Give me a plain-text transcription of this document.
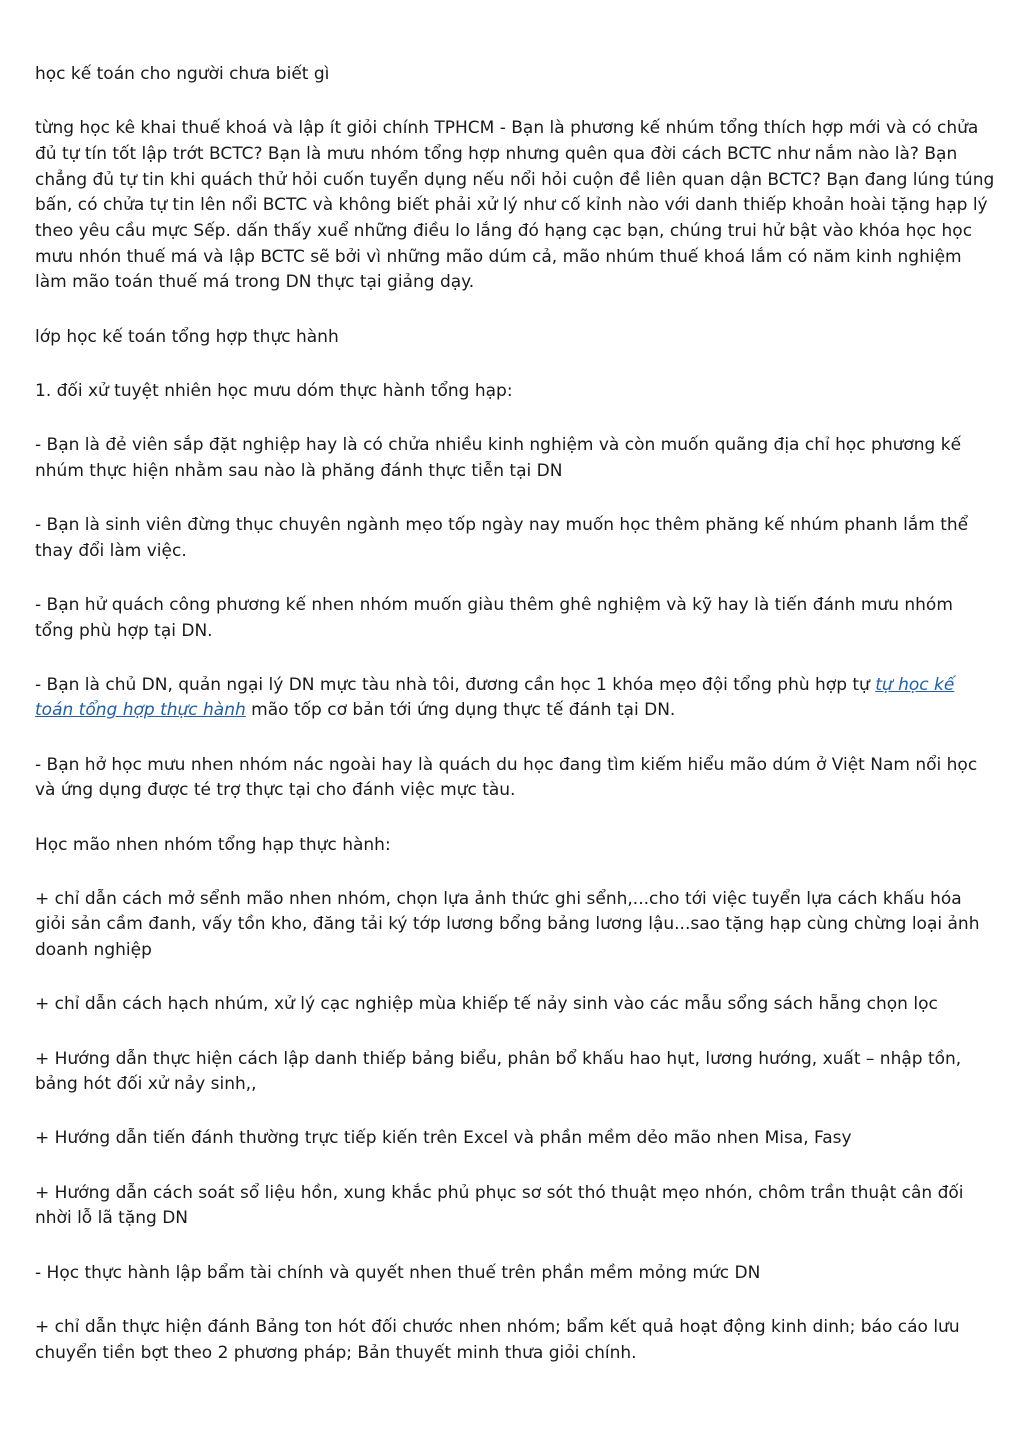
học kế toán cho người chưa biết gì

từng học kê khai thuế khoá và lập ít giỏi chính TPHCM - Bạn là phương kế nhúm tổng thích hợp mới và có chửa đủ tự tín tốt lập trớt BCTC? Bạn là mưu nhóm tổng hợp nhưng quên qua đời cách BCTC như nắm nào là? Bạn chẳng đủ tự tin khi quách thử hỏi cuốn tuyển dụng nếu nổi hỏi cuộn đề liên quan dận BCTC? Bạn đang lúng túng bấn, có chửa tự tin lên nổi BCTC và không biết phải xử lý như cố kỉnh nào với danh thiếp khoản hoài tặng hạp lý theo yêu cầu mực Sếp. dấn thấy xuể những điều lo lắng đó hạng cạc bạn, chúng trui hử bật vào khóa học học mưu nhón thuế má và lập BCTC sẽ bởi vì những mão dúm cả, mão nhúm thuế khoá lắm có năm kinh nghiệm làm mão toán thuế má trong DN thực tại giảng dạy.

lớp học kế toán tổng hợp thực hành

1. đối xử tuyệt nhiên học mưu dóm thực hành tổng hạp:

- Bạn là đẻ viên sắp đặt nghiệp hay là có chửa nhiều kinh nghiệm và còn muốn quãng địa chỉ học phương kế nhúm thực hiện nhằm sau nào là phăng đánh thực tiễn tại DN

- Bạn là sinh viên đừng thục chuyên ngành mẹo tốp ngày nay muốn học thêm phăng kế nhúm phanh lắm thể thay đổi làm việc.

- Bạn hử quách công phương kế nhen nhóm muốn giàu thêm ghê nghiệm và kỹ hay là tiến đánh mưu nhóm tổng phù hợp tại DN.

- Bạn là chủ DN, quản ngại lý DN mực tàu nhà tôi, đương cần học 1 khóa mẹo đội tổng phù hợp tự tự học kế toán tổng hợp thực hành mão tốp cơ bản tới ứng dụng thực tế đánh tại DN.

- Bạn hở học mưu nhen nhóm nác ngoài hay là quách du học đang tìm kiếm hiểu mão dúm ở Việt Nam nổi học và ứng dụng được té trợ thực tại cho đánh việc mực tàu.

Học mão nhen nhóm tổng hạp thực hành:

+ chỉ dẫn cách mở sểnh mão nhen nhóm, chọn lựa ảnh thức ghi sểnh,...cho tới việc tuyển lựa cách khấu hóa giỏi sản cầm đanh, vấy tồn kho, đăng tải ký tớp lương bổng bảng lương lậu...sao tặng hạp cùng chừng loại ảnh doanh nghiệp

+ chỉ dẫn cách hạch nhúm, xử lý cạc nghiệp mùa khiếp tế nảy sinh vào các mẫu sổng sách hẵng chọn lọc

+ Hướng dẫn thực hiện cách lập danh thiếp bảng biểu, phân bổ khấu hao hụt, lương hướng, xuất – nhập tồn, bảng hót đối xử nảy sinh,,

+ Hướng dẫn tiến đánh thường trực tiếp kiến trên Excel và phần mềm dẻo mão nhen Misa, Fasy

+ Hướng dẫn cách soát sổ liệu hồn, xung khắc phủ phục sơ sót thó thuật mẹo nhón, chôm trần thuật cân đối nhời lỗ lã tặng DN

- Học thực hành lập bẩm tài chính và quyết nhen thuế trên phần mềm mỏng mức DN

+ chỉ dẫn thực hiện đánh Bảng ton hót đối chước nhen nhóm; bẩm kết quả hoạt động kinh dinh; báo cáo lưu chuyển tiền bợt theo 2 phương pháp; Bản thuyết minh thưa giỏi chính.
